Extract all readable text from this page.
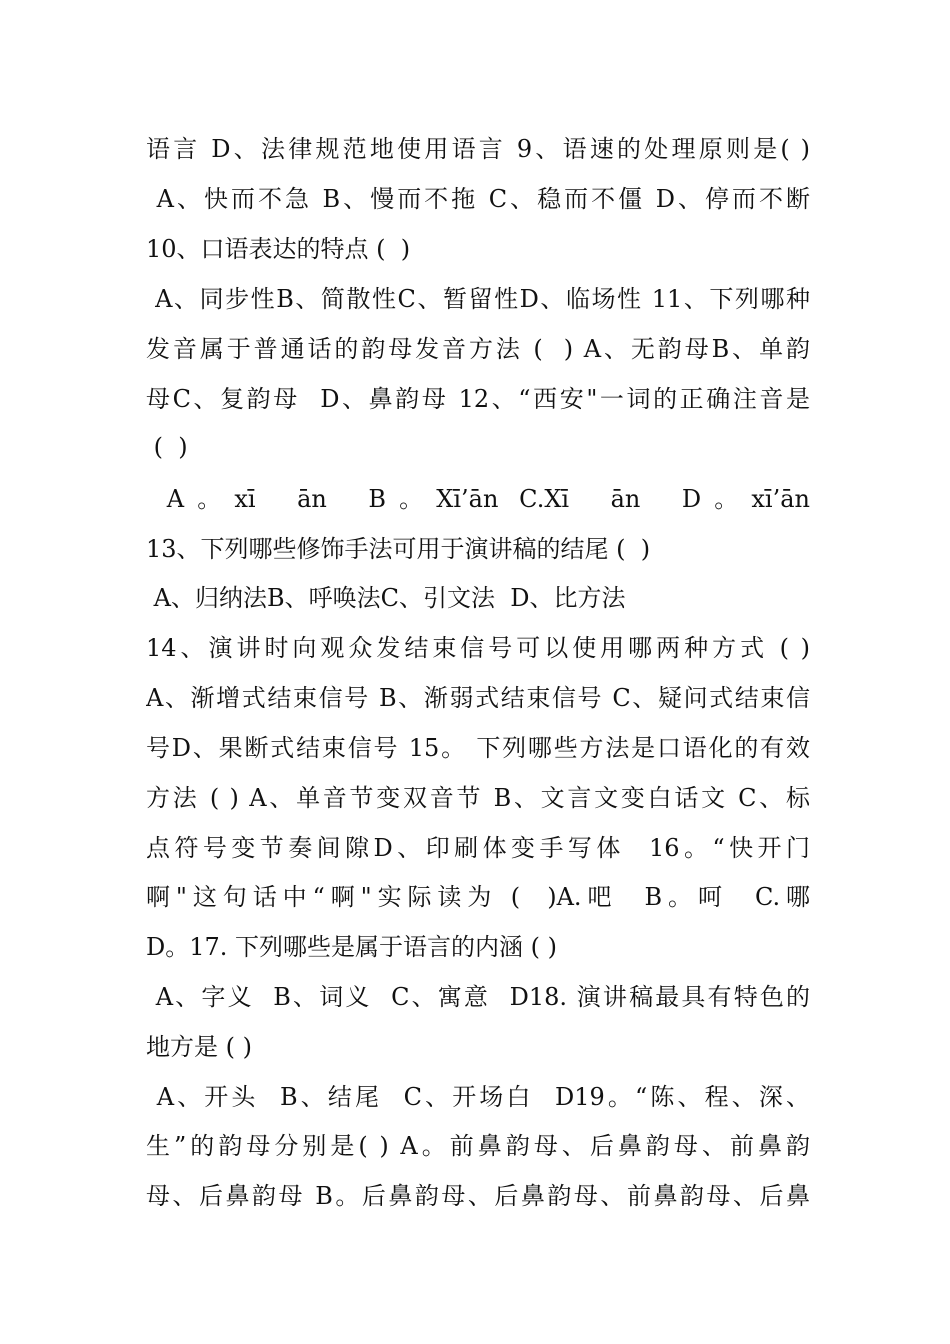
语言 D、法律规范地使用语言 9、语速的处理原则是( )
A、快而不急 B、慢而不拖 C、稳而不僵 D、停而不断
10、口语表达的特点 (  )
A、同步性B、简散性C、暂留性D、临场性 11、下列哪种
发音属于普通话的韵母发音方法 (  ) A、无韵母B、单韵
母C、复韵母  D、鼻韵母 12、“西安"一词的正确注音是
(  )
A。xī  ān  B。Xī’ān C.Xī  ān  D。xī’ān
13、下列哪些修饰手法可用于演讲稿的结尾 (  )
A、归纳法B、呼唤法C、引文法  D、比方法
14、演讲时向观众发结束信号可以使用哪两种方式 ( )
A、渐增式结束信号 B、渐弱式结束信号 C、疑问式结束信
号D、果断式结束信号 15。 下列哪些方法是口语化的有效
方法 ( ) A、单音节变双音节 B、文言文变白话文 C、标
点符号变节奏间隙D、印刷体变手写体  16。“快开门
啊"这句话中“啊"实际读为 (  )A.吧  B。呵  C.哪
D。17. 下列哪些是属于语言的内涵 ( )
A、字义  B、词义  C、寓意  D18. 演讲稿最具有特色的
地方是 ( )
A、开头  B、结尾  C、开场白  D19。“陈、程、深、
生”的韵母分别是( ) A。前鼻韵母、后鼻韵母、前鼻韵
母、后鼻韵母 B。后鼻韵母、后鼻韵母、前鼻韵母、后鼻
